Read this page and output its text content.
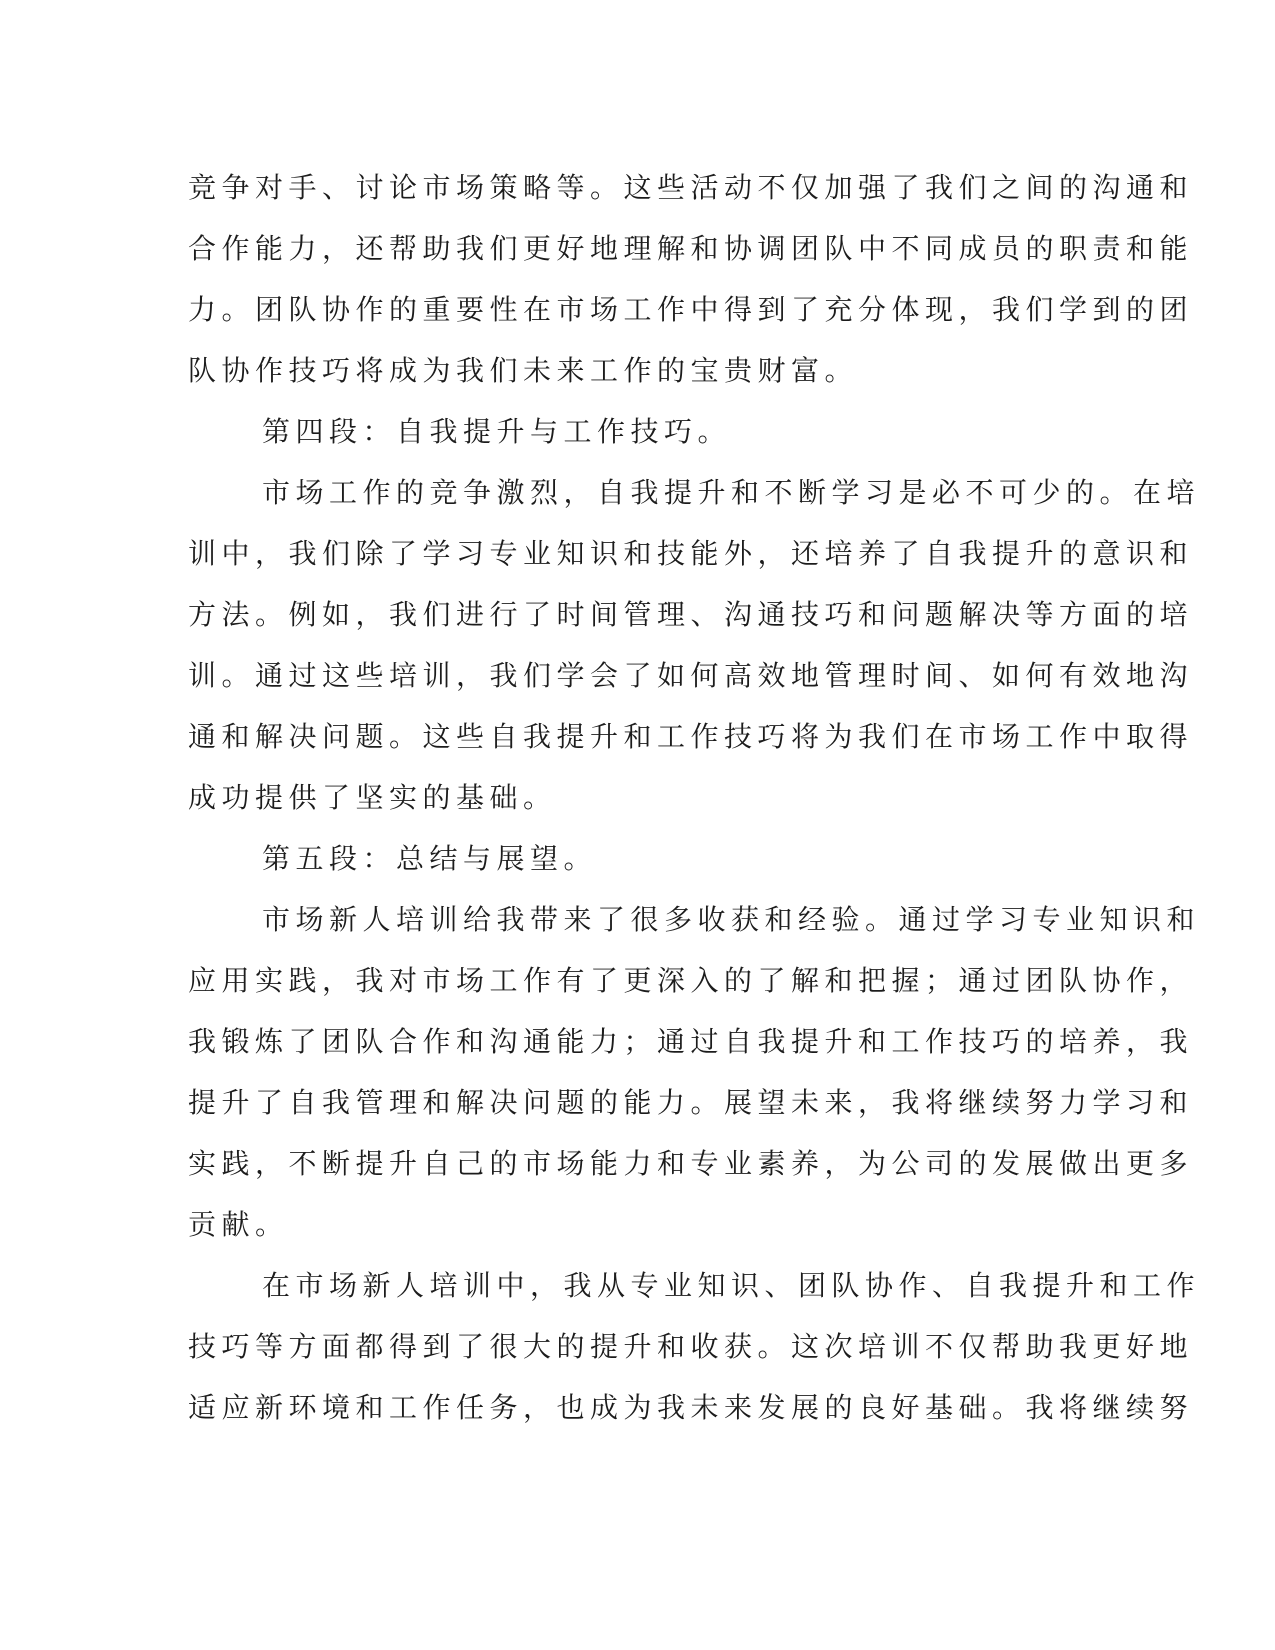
竞争对手、讨论市场策略等。这些活动不仅加强了我们之间的沟通和
合作能力，还帮助我们更好地理解和协调团队中不同成员的职责和能
力。团队协作的重要性在市场工作中得到了充分体现，我们学到的团
队协作技巧将成为我们未来工作的宝贵财富。
第四段：自我提升与工作技巧。
市场工作的竞争激烈，自我提升和不断学习是必不可少的。在培
训中，我们除了学习专业知识和技能外，还培养了自我提升的意识和
方法。例如，我们进行了时间管理、沟通技巧和问题解决等方面的培
训。通过这些培训，我们学会了如何高效地管理时间、如何有效地沟
通和解决问题。这些自我提升和工作技巧将为我们在市场工作中取得
成功提供了坚实的基础。
第五段：总结与展望。
市场新人培训给我带来了很多收获和经验。通过学习专业知识和
应用实践，我对市场工作有了更深入的了解和把握；通过团队协作，
我锻炼了团队合作和沟通能力；通过自我提升和工作技巧的培养，我
提升了自我管理和解决问题的能力。展望未来，我将继续努力学习和
实践，不断提升自己的市场能力和专业素养，为公司的发展做出更多
贡献。
在市场新人培训中，我从专业知识、团队协作、自我提升和工作
技巧等方面都得到了很大的提升和收获。这次培训不仅帮助我更好地
适应新环境和工作任务，也成为我未来发展的良好基础。我将继续努
